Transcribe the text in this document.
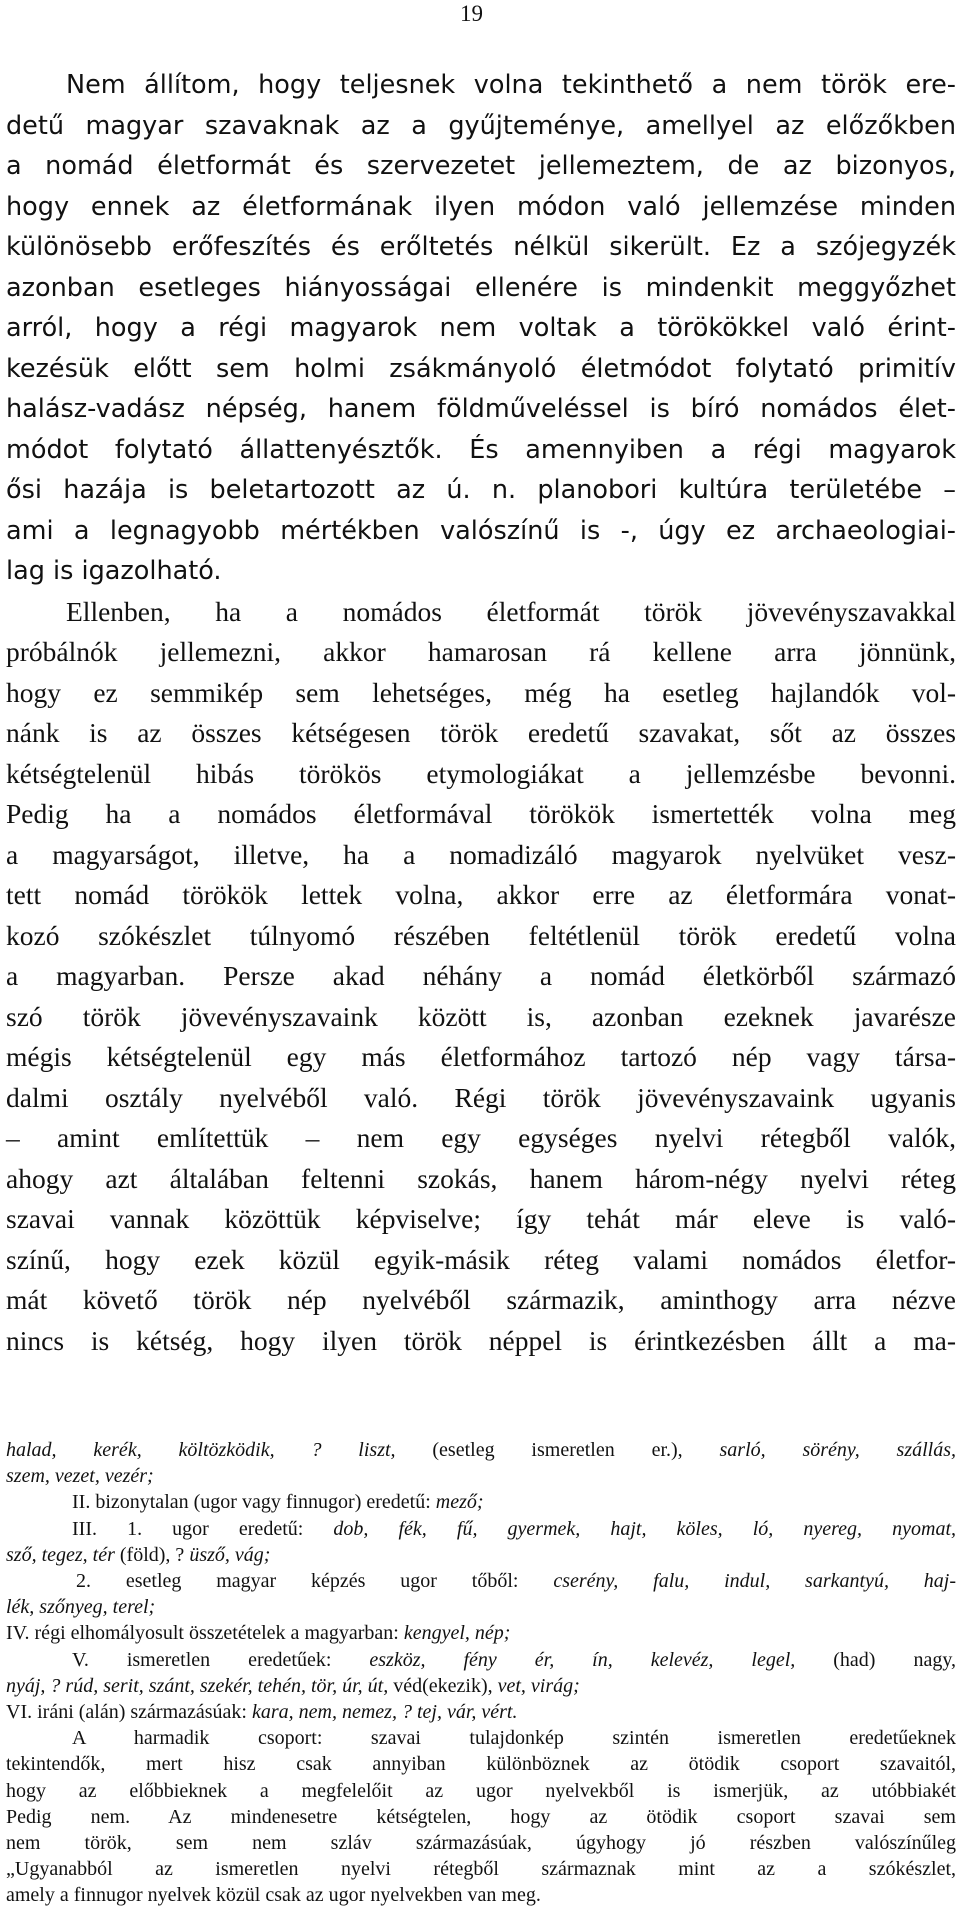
19
Nem állítom, hogy teljesnek volna tekinthető a nem török ere-
detű magyar szavaknak az a gyűjteménye, amellyel az előzőkben
a nomád életformát és szervezetet jellemeztem, de az bizonyos,
hogy ennek az életformának ilyen módon való jellemzése minden
különösebb erőfeszítés és erőltetés nélkül sikerült. Ez a szójegyzék
azonban esetleges hiányosságai ellenére is mindenkit meggyőzhet
arról, hogy a régi magyarok nem voltak a törökökkel való érint-
kezésük előtt sem holmi zsákmányoló életmódot folytató primitív
halász-vadász népség, hanem földműveléssel is bíró nomádos élet-
módot folytató állattenyésztők. És amennyiben a régi magyarok
ősi hazája is beletartozott az ú. n. planobori kultúra területébe –
ami a legnagyobb mértékben valószínű is -, úgy ez archaeologiai-
lag is igazolható.
Ellenben, ha a nomádos életformát török jövevényszavakkal
próbálnók jellemezni, akkor hamarosan rá kellene arra jönnünk,
hogy ez semmikép sem lehetséges, még ha esetleg hajlandók vol-
nánk is az összes kétségesen török eredetű szavakat, sőt az összes
kétségtelenül hibás törökös etymologiákat a jellemzésbe bevonni.
Pedig ha a nomádos életformával törökök ismertették volna meg
a magyarságot, illetve, ha a nomadizáló magyarok nyelvüket vesz-
tett nomád törökök lettek volna, akkor erre az életformára vonat-
kozó szókészlet túlnyomó részében feltétlenül török eredetű volna
a magyarban. Persze akad néhány a nomád életkörből származó
szó török jövevényszavaink között is, azonban ezeknek javarésze
mégis kétségtelenül egy más életformához tartozó nép vagy társa-
dalmi osztály nyelvéből való. Régi török jövevényszavaink ugyanis
– amint említettük – nem egy egységes nyelvi rétegből valók,
ahogy azt általában feltenni szokás, hanem három-négy nyelvi réteg
szavai vannak közöttük képviselve; így tehát már eleve is való-
színű, hogy ezek közül egyik-másik réteg valami nomádos életfor-
mát követő török nép nyelvéből származik, aminthogy arra nézve
nincs is kétség, hogy ilyen török néppel is érintkezésben állt a ma-
halad, kerék, költözködik, ? liszt, (esetleg ismeretlen er.), sarló, sörény, szállás,
szem, vezet, vezér;
II. bizonytalan (ugor vagy finnugor) eredetű: mező;
III. 1. ugor eredetű: dob, fék, fű, gyermek, hajt, köles, ló, nyereg, nyomat,
sző, tegez, tér (föld), ? üsző, vág;
2. esetleg magyar képzés ugor tőből: cserény, falu, indul, sarkantyú, haj-
lék, szőnyeg, terel;
IV. régi elhomályosult összetételek a magyarban: kengyel, nép;
V. ismeretlen eredetűek: eszköz, fény ér, ín, kelevéz, legel, (had) nagy,
nyáj, ? rúd, serit, szánt, szekér, tehén, tör, úr, út, véd(ekezik), vet, virág;
VI. iráni (alán) származásúak: kara, nem, nemez, ? tej, vár, vért.
A harmadik csoport: szavai tulajdonkép szintén ismeretlen eredetűeknek
tekintendők, mert hisz csak annyiban különböznek az ötödik csoport szavaitól,
hogy az előbbieknek a megfelelőit az ugor nyelvekből is ismerjük, az utóbbiakét
Pedig nem. Az mindenesetre kétségtelen, hogy az ötödik csoport szavai sem
nem török, sem nem szláv származásúak, úgyhogy jó részben valószínűleg
„Ugyanabból az ismeretlen nyelvi rétegből származnak mint az a szókészlet,
amely a finnugor nyelvek közül csak az ugor nyelvekben van meg.
